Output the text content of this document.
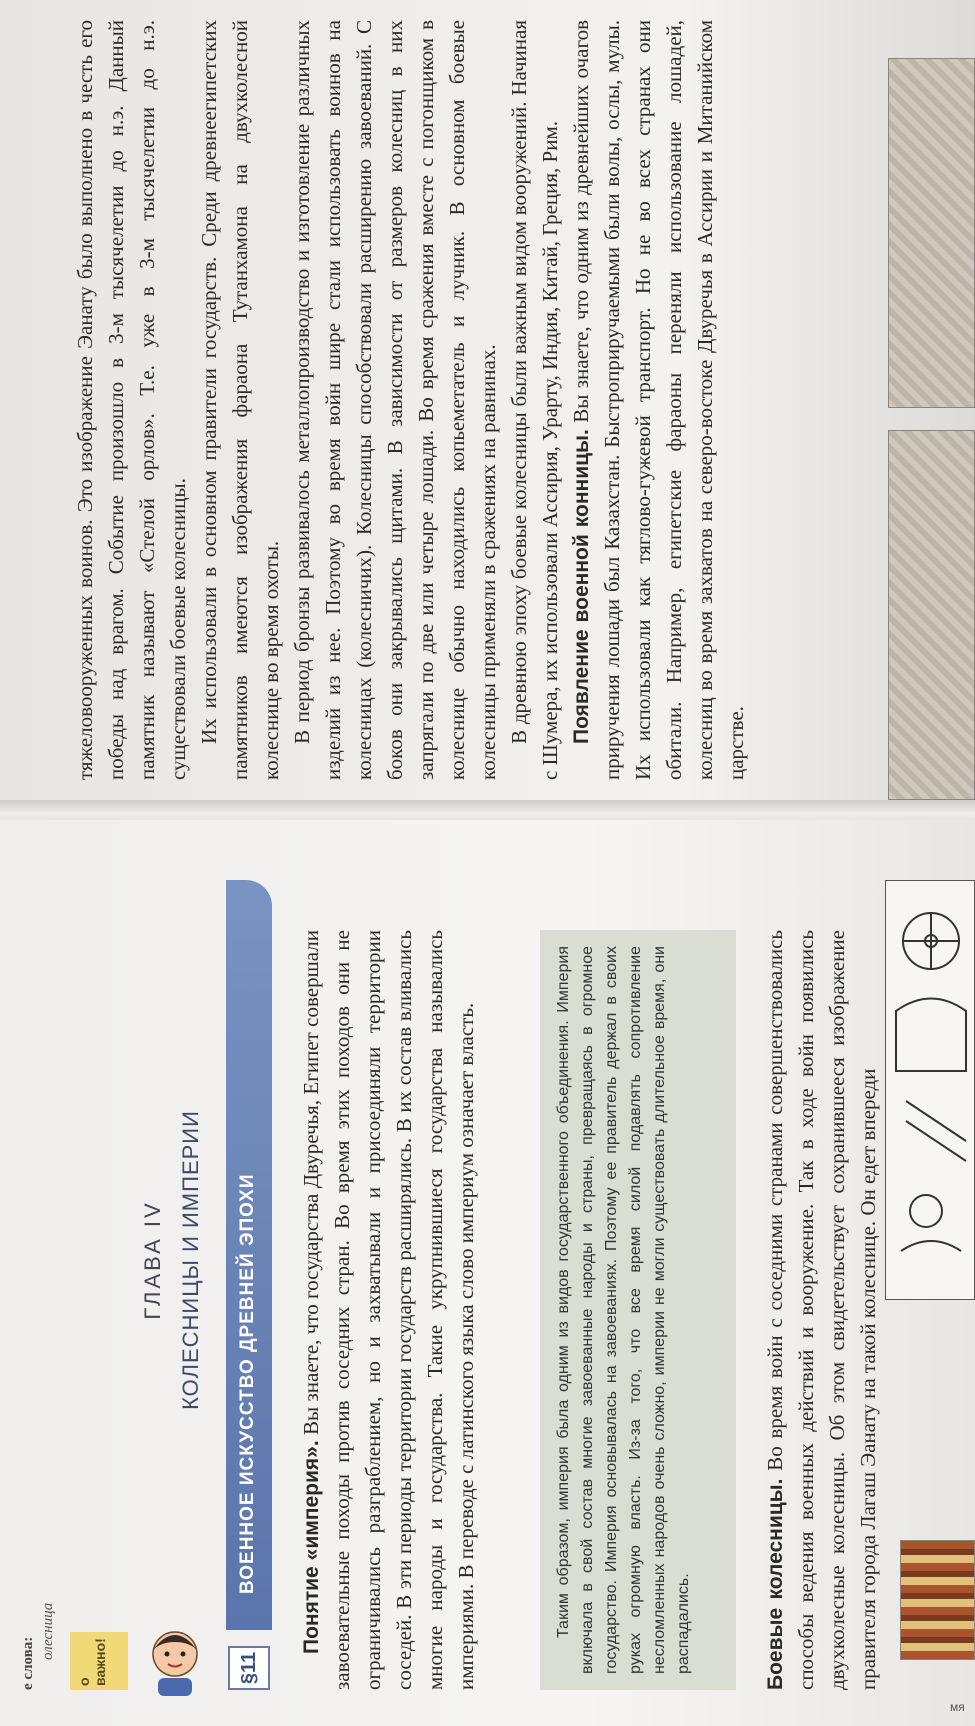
тяжеловооруженных воинов. Это изображение Эанату было выполнено в честь его победы над врагом. Событие произошло в 3-м тысячелетии до н.э. Данный памятник называют «Стелой орлов». Т.е. уже в 3-м тысячелетии до н.э. существовали боевые колесницы. Их использовали в основном правители государств. Среди древнеегипетских памятников имеются изображения фараона Тутанхамона на двухколесной колеснице во время охоты. В период бронзы развивалось металлопроизводство и изготовление различных изделий из нее. Поэтому во время войн шире стали использовать воинов на колесницах (колесничих). Колесницы способствовали расширению завоеваний. С боков они закрывались щитами. В зависимости от размеров колесниц в них запрягали по две или четыре лошади. Во время сражения вместе с погонщиком в колеснице обычно находились копьеметатель и лучник. В основном боевые колесницы применяли в сражениях на равнинах. В древнюю эпоху боевые колесницы были важным видом вооружений. Начиная с Шумера, их использовали Ассирия, Урарту, Индия, Китай, Греция, Рим. Появление военной конницы. Вы знаете, что одним из древнейших очагов приручения лошади был Казахстан. Быстроприручаемыми были волы, ослы, мулы. Их использовали как тягловo-гужевой транспорт. Но не во всех странах они обитали. Например, египетские фараоны переняли использование лошадей, колесниц во время захватов на северо-востоке Двуречья в Ассирии и Митанийском царстве.

о важно!
ГЛАВА IV КОЛЕСНИЦЫ И ИМПЕРИИ
§11
ВОЕННОЕ ИСКУССТВО ДРЕВНЕЙ ЭПОХИ	Понятие «империя». Вы знаете, что государства Двуречья, Египет совершали завоевательные походы против соседних стран. Во время этих походов они не ограничивались разграблением, но и захватывали и присоединяли территории соседей. В эти периоды территории государств расширялись. В их состав вливались многие народы и государства. Такие укрупнившиеся государства назывались империями. В переводе с латинского языка слово империум означает власть.	Таким образом, империя была одним из видов государственного объединения. Империя включала в свой состав многие завоеванные народы и страны, превращаясь в огромное государство. Империя основывалась на завоеваниях. Поэтому ее правитель держал в своих руках огромную власть. Из-за того, что все время силой подавлять сопротивление несломленных народов очень сложно, империи не могли существовать длительное время, они распадались.	Боевые колесницы. Во время войн с соседними странами совершенствовались способы ведения военных действий и вооружение. Так в ходе войн появились двухколесные колесницы. Об этом свидетельствует сохранившееся изображение правителя города Лагаш Эанату на такой колеснице. Он едет впереди

е слова:
олесница
мя
